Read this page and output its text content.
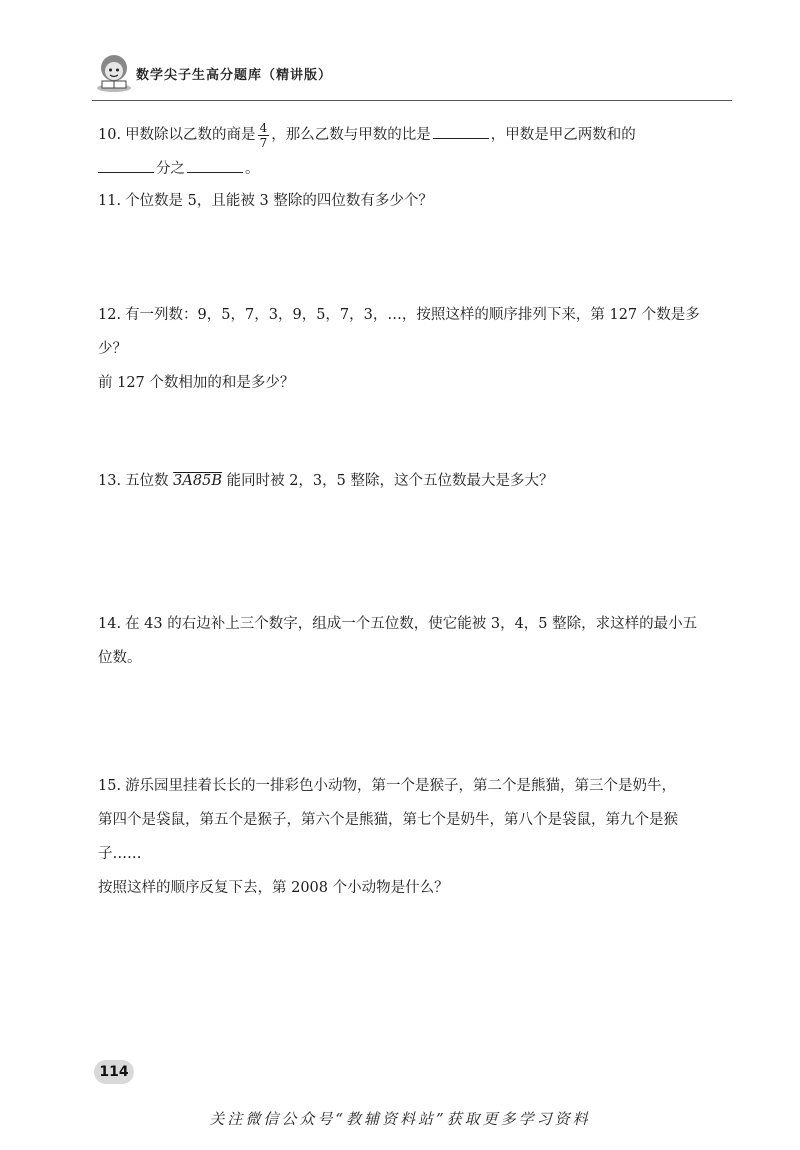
数学尖子生高分题库（精讲版）
10. 甲数除以乙数的商是 $\frac{4}{7}$ ，那么乙数与甲数的比是	，甲数是甲乙两数和的
分之	。
11. 个位数是 5，且能被 3 整除的四位数有多少个？
12. 有一列数：9，5，7，3，9，5，7，3，…，按照这样的顺序排列下来，第 127 个数是多少？
前 127 个数相加的和是多少？
13. 五位数 3A85B 能同时被 2，3，5 整除，这个五位数最大是多大？
14. 在 43 的右边补上三个数字，组成一个五位数，使它能被 3，4，5 整除，求这样的最小五
位数。
15. 游乐园里挂着长长的一排彩色小动物，第一个是猴子，第二个是熊猫，第三个是奶牛，
第四个是袋鼠，第五个是猴子，第六个是熊猫，第七个是奶牛，第八个是袋鼠，第九个是猴子……
按照这样的顺序反复下去，第 2008 个小动物是什么？
114
关注微信公众号“教辅资料站”获取更多学习资料
